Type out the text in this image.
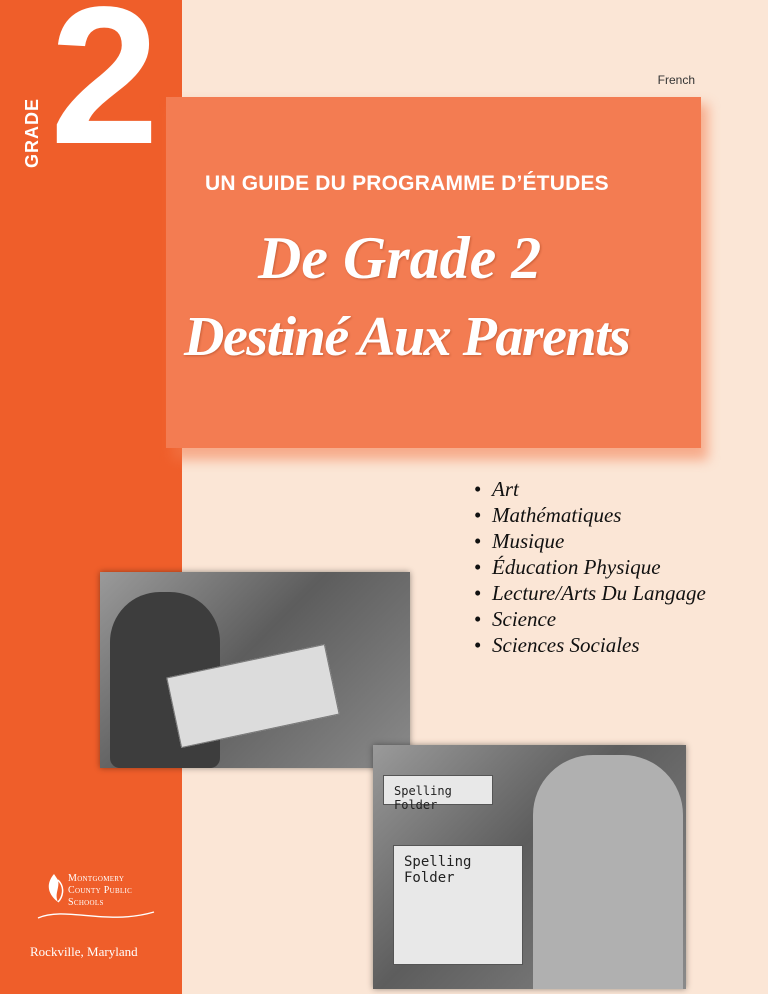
GRADE 2
Montgomery
County Public
Schools
Rockville, Maryland
French
UN GUIDE DU PROGRAMME D’ÉTUDES
De Grade 2
Destiné Aux Parents
• Art
• Mathématiques
• Musique
• Éducation Physique
• Lecture/Arts Du Langage
• Science
• Sciences Sociales
Spelling Folder
Spelling Folder
